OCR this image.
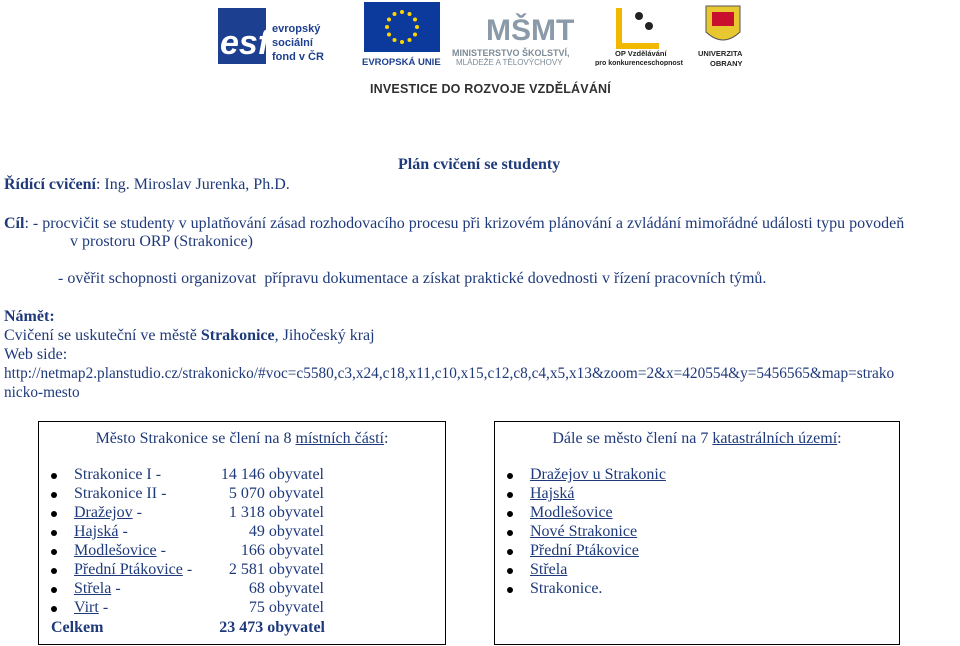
esf evropský
sociální
fond v ČR	EVROPSKÁ UNIE
MŠMT
MINISTERSTVO ŠKOLSTVÍ,
MLÁDEŽE A TĚLOVÝCHOVY
OP Vzdělávání
pro konkurenceschopnost
UNIVERZITA
OBRANY
INVESTICE DO ROZVOJE VZDĚLÁVÁNÍ
Plán cvičení se studenty
Řídící cvičení: Ing. Miroslav Jurenka, Ph.D.
Cíl: - procvičit se studenty v uplatňování zásad rozhodovacího procesu při krizovém plánování a zvládání mimořádné události typu povodeň
v prostoru ORP (Strakonice)
- ověřit schopnosti organizovat  přípravu dokumentace a získat praktické dovednosti v řízení pracovních týmů.
Námět:
Cvičení se uskuteční ve městě Strakonice, Jihočeský kraj
Web side:
http://netmap2.planstudio.cz/strakonicko/#voc=c5580,c3,x24,c18,x11,c10,x15,c12,c8,c4,x5,x13&zoom=2&x=420554&y=5456565&map=strako
nicko-mesto
Město Strakonice se člení na 8 místních částí:
Strakonice I -	14 146 obyvatel
Strakonice II -	5 070 obyvatel
Dražejov -	1 318 obyvatel
Hajská -	49 obyvatel
Modlešovice -	166 obyvatel
Přední Ptákovice - 2 581 obyvatel
Střela -	68 obyvatel
Virt -	75 obyvatel
Celkem	23 473 obyvatel
Dále se město člení na 7 katastrálních území:
Dražejov u Strakonic
Hajská
Modlešovice
Nové Strakonice
Přední Ptákovice
Střela
Strakonice.
